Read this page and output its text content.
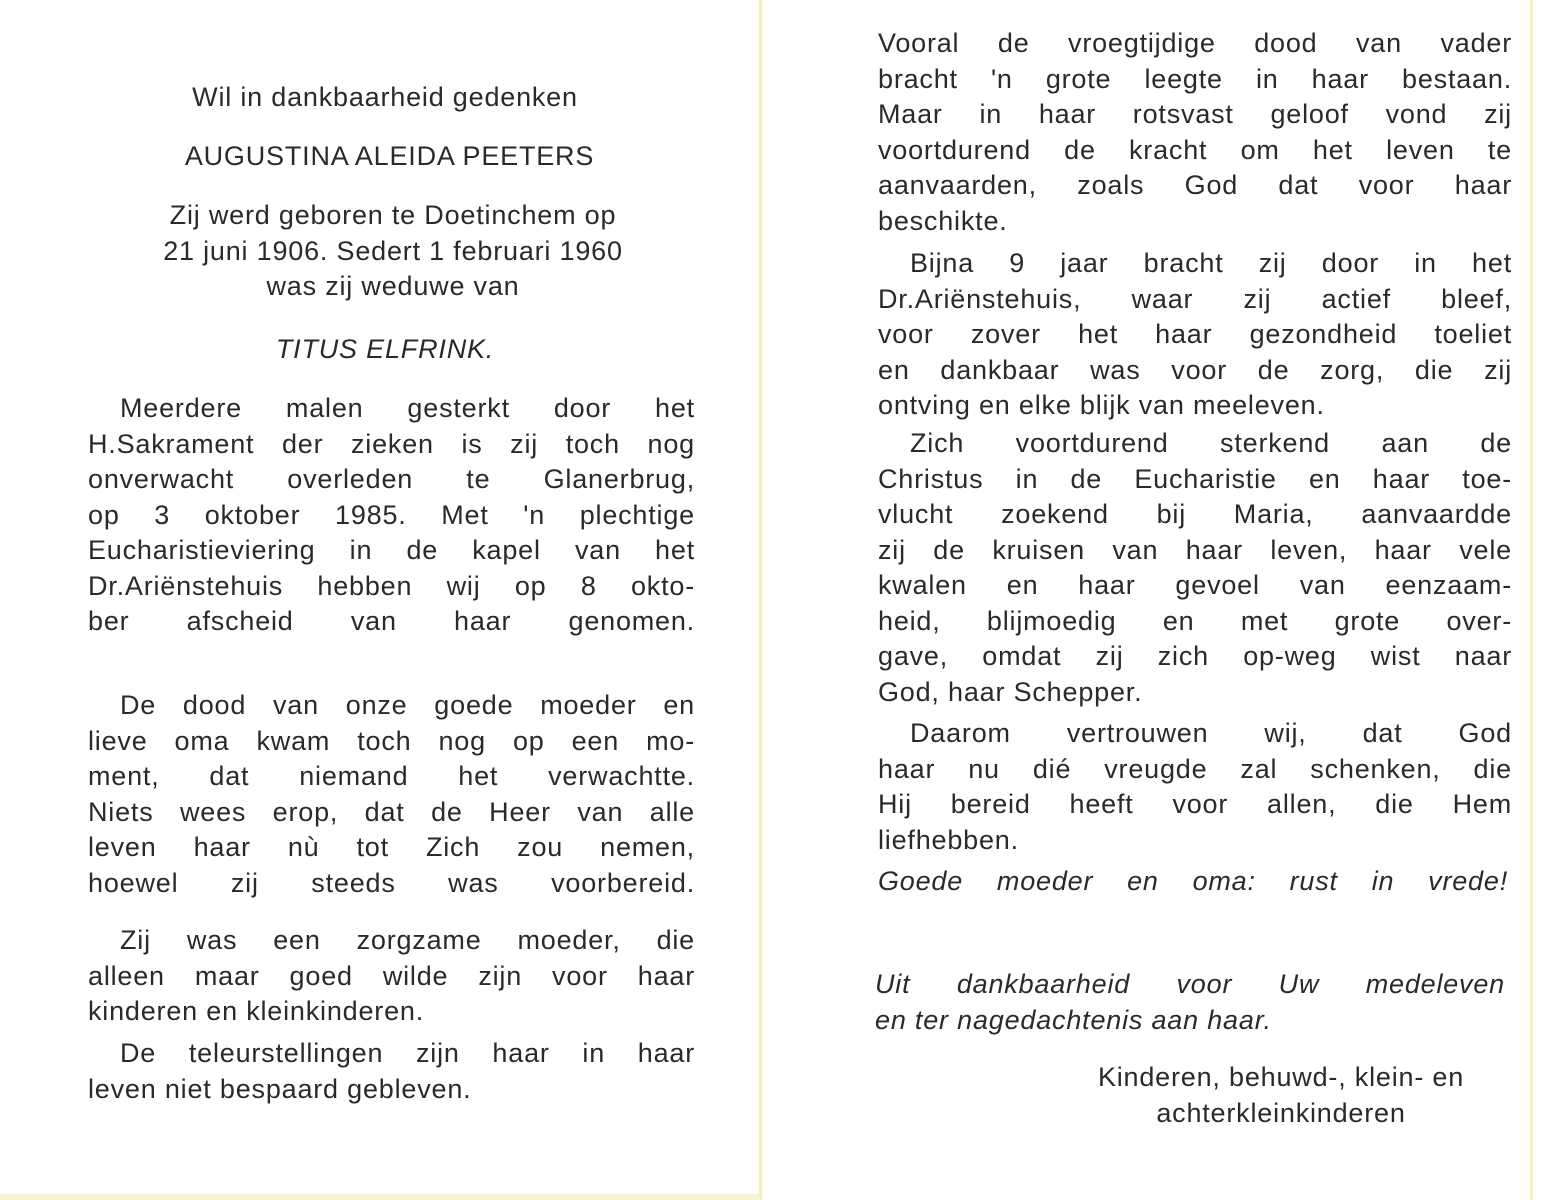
Wil in dankbaarheid gedenken
AUGUSTINA ALEIDA PEETERS
Zij werd geboren te Doetinchem op
21 juni 1906. Sedert 1 februari 1960
was zij weduwe van
TITUS ELFRINK.
Meerdere malen gesterkt door het
H.Sakrament der zieken is zij toch nog
onverwacht overleden te Glanerbrug,
op 3 oktober 1985. Met 'n plechtige
Eucharistieviering in de kapel van het
Dr.Ariënstehuis hebben wij op 8 okto-
ber afscheid van haar genomen.
De dood van onze goede moeder en
lieve oma kwam toch nog op een mo-
ment, dat niemand het verwachtte.
Niets wees erop, dat de Heer van alle
leven haar nù tot Zich zou nemen,
hoewel zij steeds was voorbereid.
Zij was een zorgzame moeder, die
alleen maar goed wilde zijn voor haar
kinderen en kleinkinderen.
De teleurstellingen zijn haar in haar
leven niet bespaard gebleven.
Vooral de vroegtijdige dood van vader
bracht 'n grote leegte in haar bestaan.
Maar in haar rotsvast geloof vond zij
voortdurend de kracht om het leven te
aanvaarden, zoals God dat voor haar
beschikte.
Bijna 9 jaar bracht zij door in het
Dr.Ariënstehuis, waar zij actief bleef,
voor zover het haar gezondheid toeliet
en dankbaar was voor de zorg, die zij
ontving en elke blijk van meeleven.
Zich voortdurend sterkend aan de
Christus in de Eucharistie en haar toe-
vlucht zoekend bij Maria, aanvaardde
zij de kruisen van haar leven, haar vele
kwalen en haar gevoel van eenzaam-
heid, blijmoedig en met grote over-
gave, omdat zij zich op-weg wist naar
God, haar Schepper.
Daarom vertrouwen wij, dat God
haar nu dié vreugde zal schenken, die
Hij bereid heeft voor allen, die Hem
liefhebben.
Goede moeder en oma: rust in vrede!
Uit dankbaarheid voor Uw medeleven
en ter nagedachtenis aan haar.
Kinderen, behuwd-, klein- en
achterkleinkinderen
